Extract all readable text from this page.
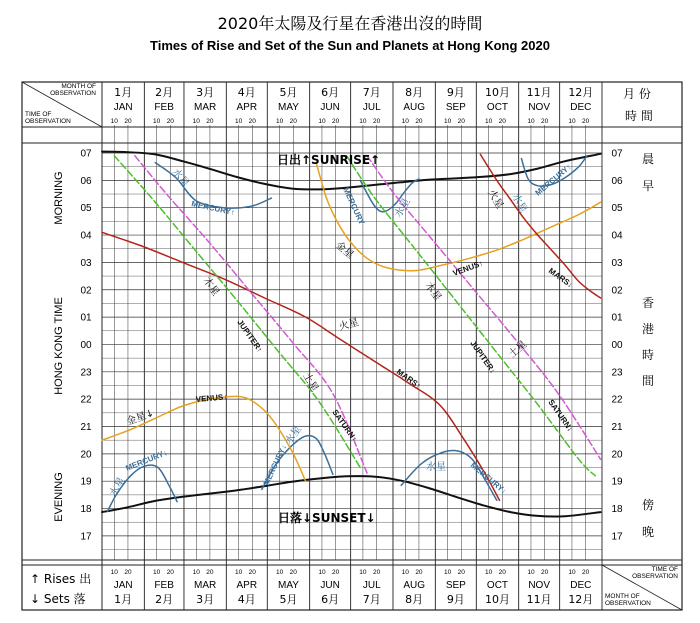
2020年太陽及行星在香港出沒的時間
Times of Rise and Set of the Sun and Planets at Hong Kong 2020
MONTH OF
OBSERVATION
TIME OF
OBSERVATION
月 份
時 間
TIME OF
OBSERVATION
MONTH OF
OBSERVATION
↑ Rises 出
↓ Sets 落
MORNING
HONG KONG TIME
EVENING
晨
早
香
港
時
間
傍
晚
1月
JAN
JAN
1月
10
10
20
20
2月
FEB
FEB
2月
10
10
20
20
3月
MAR
MAR
3月
10
10
20
20
4月
APR
APR
4月
10
10
20
20
5月
MAY
MAY
5月
10
10
20
20
6月
JUN
JUN
6月
10
10
20
20
7月
JUL
JUL
7月
10
10
20
20
8月
AUG
AUG
8月
10
10
20
20
9月
SEP
SEP
9月
10
10
20
20
10月
OCT
OCT
10月
10
10
20
20
11月
NOV
NOV
11月
10
10
20
20
12月
DEC
DEC
12月
10
10
20
20
07	07
06	06
05	05
04	04
03	03
02	02
01	01
00	00
23	23
22	22
21	21
20	20
19	19
18	18
17	17
日出↑SUNRISE↑
日落↓SUNSET↓
水星
MERCURY↑	MERCURY	水星	水星
MERCURY↑
水星
MERCURY↓	MERCURY↓
水星
水星	MERCURY↓
金星
VENUS↑
金星↓
VENUS↓
木星
JUPITER↑
木星
JUPITER↓
土星
SATURN↑
土星
SATURN↓
火星
MARS↑
火星
MARS↓
